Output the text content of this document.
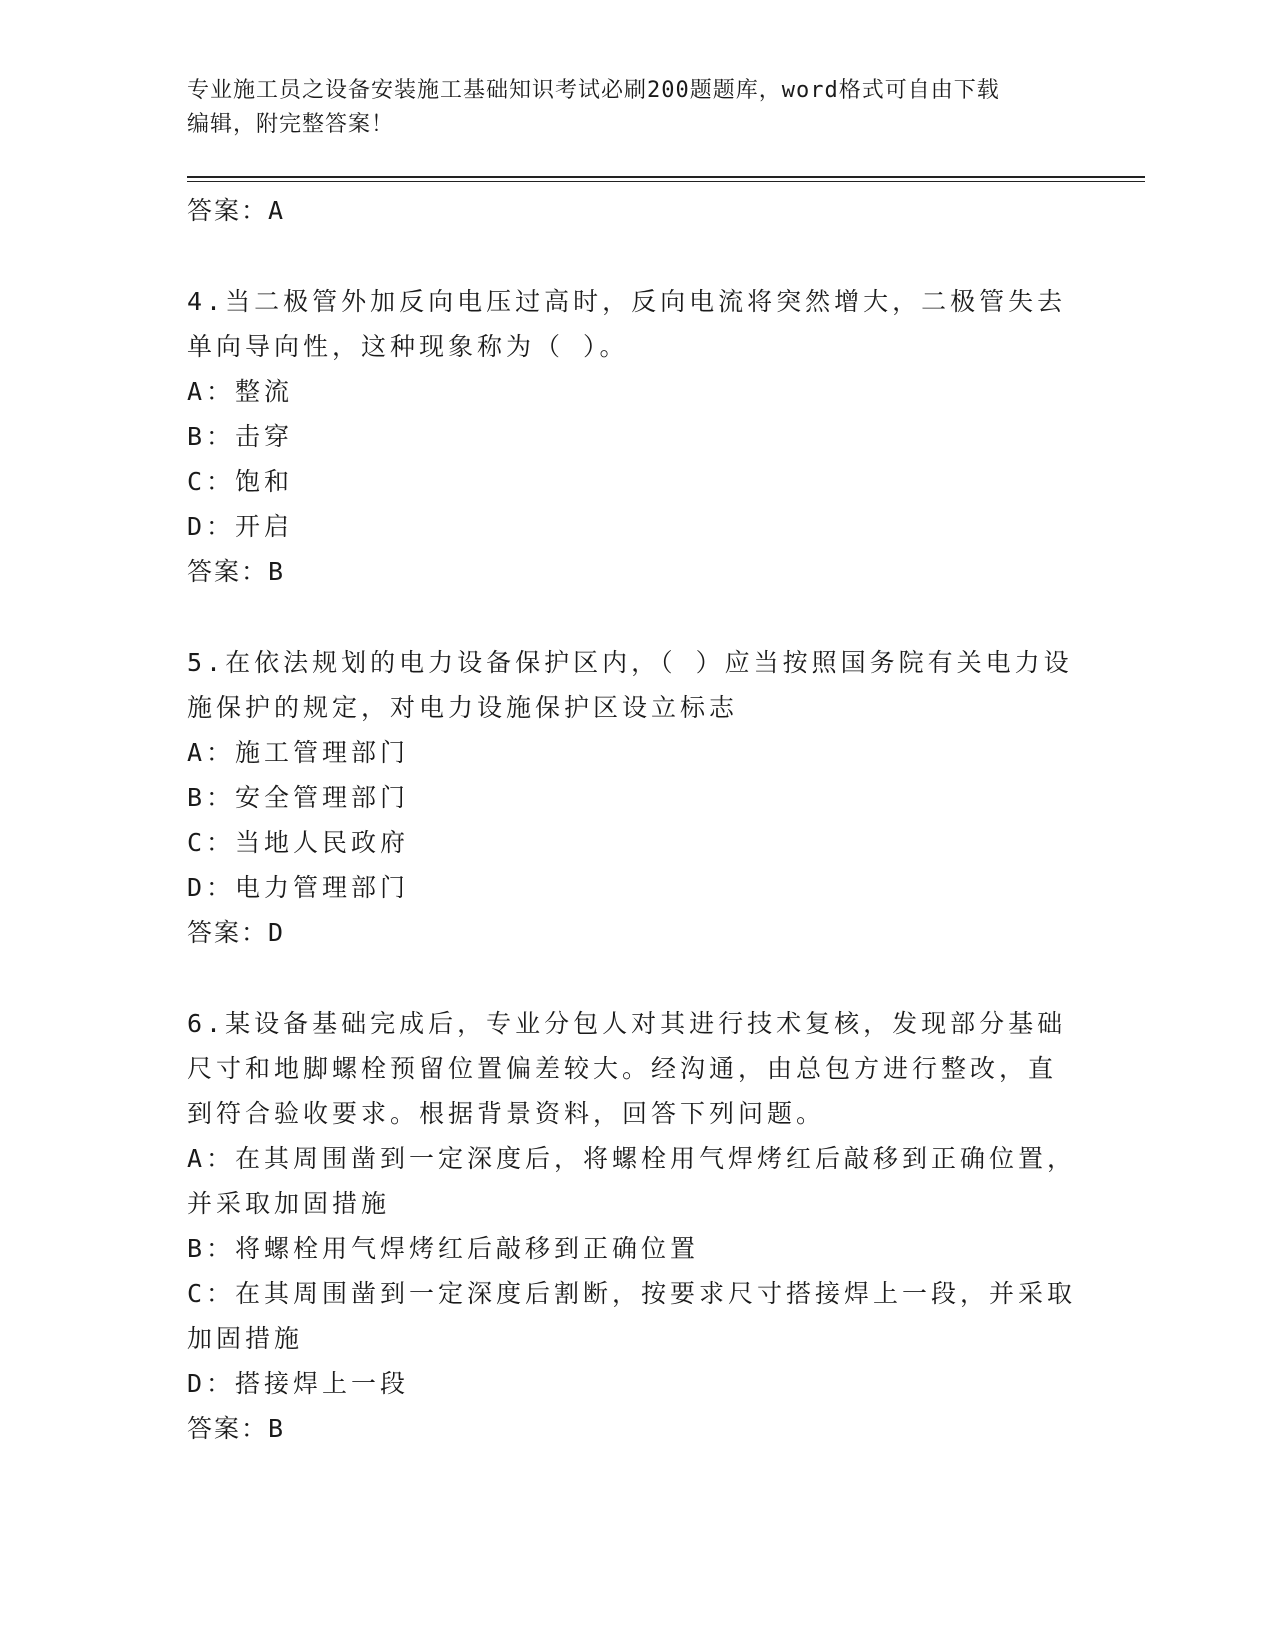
专业施工员之设备安装施工基础知识考试必刷200题题库，word格式可自由下载
编辑，附完整答案！
答案：A
4.当二极管外加反向电压过高时，反向电流将突然增大，二极管失去
单向导向性，这种现象称为（ ）。
A：整流
B：击穿
C：饱和
D：开启
答案：B
5.在依法规划的电力设备保护区内，（ ）应当按照国务院有关电力设
施保护的规定，对电力设施保护区设立标志
A：施工管理部门
B：安全管理部门
C：当地人民政府
D：电力管理部门
答案：D
6.某设备基础完成后，专业分包人对其进行技术复核，发现部分基础
尺寸和地脚螺栓预留位置偏差较大。经沟通，由总包方进行整改，直
到符合验收要求。根据背景资料，回答下列问题。
A：在其周围凿到一定深度后，将螺栓用气焊烤红后敲移到正确位置，
并采取加固措施
B：将螺栓用气焊烤红后敲移到正确位置
C：在其周围凿到一定深度后割断，按要求尺寸搭接焊上一段，并采取
加固措施
D：搭接焊上一段
答案：B
